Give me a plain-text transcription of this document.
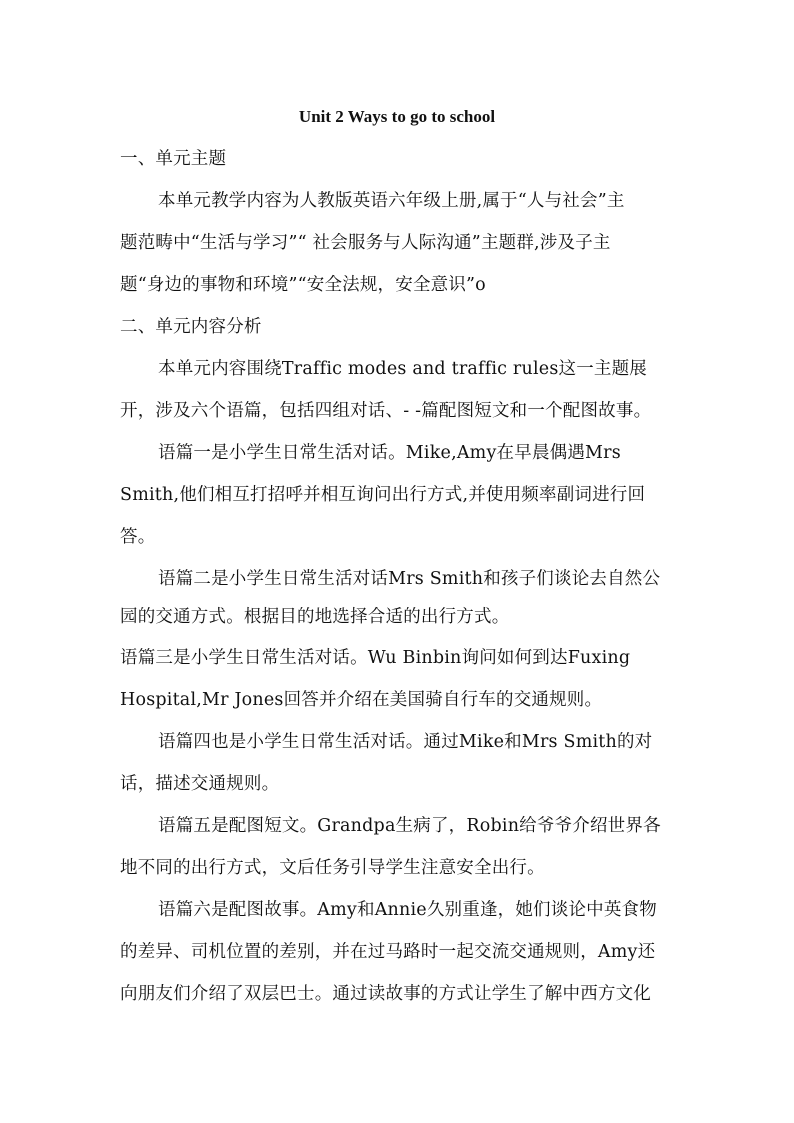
Unit 2 Ways to go to school
一、单元主题
本单元教学内容为人教版英语六年级上册,属于“人与社会”主
题范畴中“生活与学习”“ 社会服务与人际沟通”主题群,涉及子主
题“身边的事物和环境”“安全法规，安全意识”o
二、单元内容分析
本单元内容围绕Traffic modes and traffic rules这一主题展
开，涉及六个语篇，包括四组对话、- -篇配图短文和一个配图故事。
语篇一是小学生日常生活对话。Mike,Amy在早晨偶遇Mrs
Smith,他们相互打招呼并相互询问出行方式,并使用频率副词进行回
答。
语篇二是小学生日常生活对话Mrs Smith和孩子们谈论去自然公
园的交通方式。根据目的地选择合适的出行方式。
语篇三是小学生日常生活对话。Wu Binbin询问如何到达Fuxing
Hospital,Mr Jones回答并介绍在美国骑自行车的交通规则。
语篇四也是小学生日常生活对话。通过Mike和Mrs Smith的对
话，描述交通规则。
语篇五是配图短文。Grandpa生病了，Robin给爷爷介绍世界各
地不同的出行方式，文后任务引导学生注意安全出行。
语篇六是配图故事。Amy和Annie久别重逢，她们谈论中英食物
的差异、司机位置的差别，并在过马路时一起交流交通规则，Amy还
向朋友们介绍了双层巴士。通过读故事的方式让学生了解中西方文化
